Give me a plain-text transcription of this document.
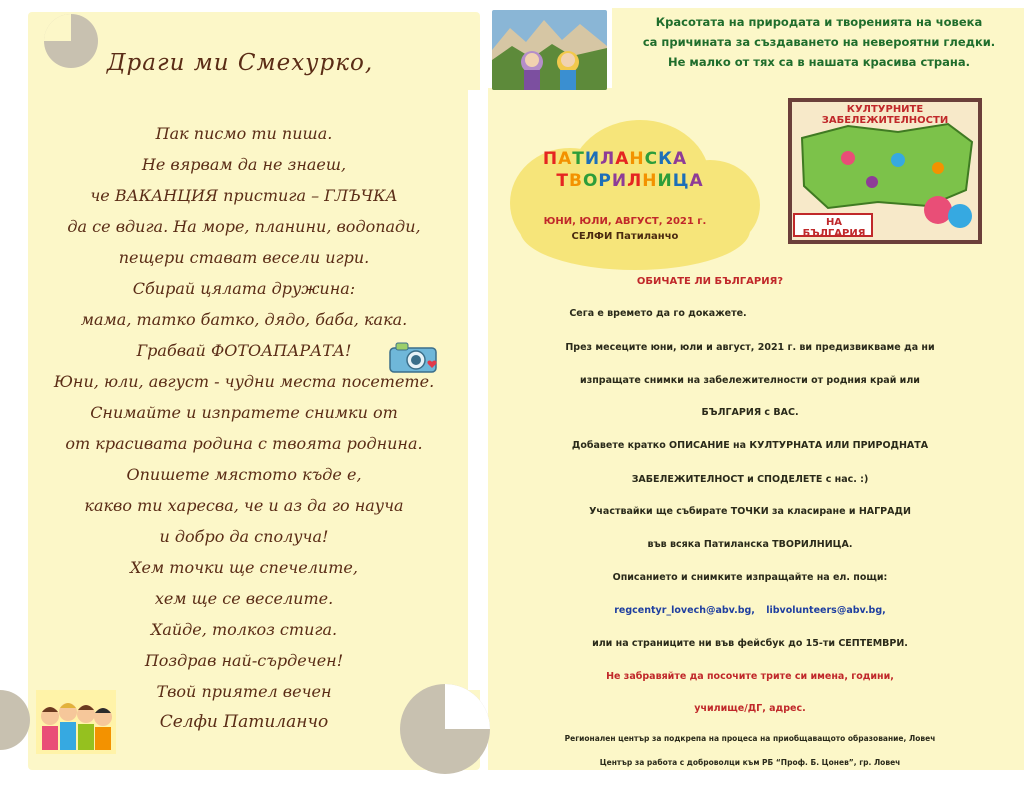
Драги ми Смехурко,
Пак писмо ти пиша.
Не вярвам да не знаеш,
че ВАКАНЦИЯ пристига – ГЛЪЧКА
да се вдига. На море, планини, водопади,
пещери стават весели игри.
Сбирай цялата дружина:
мама, татко батко, дядо, баба, кака.
Грабвай ФОТОАПАРАТА!
Юни, юли, август - чудни места посетете.
Снимайте и изпратете снимки от
от красивата родина с твоята роднина.
Опишете мястото къде е,
какво ти харесва, че и аз да го науча
и добро да сполуча!
Хем точки ще спечелите,
хем ще се веселите.
Хайде, толкоз стига.
Поздрав най-сърдечен!
Твой приятел вечен
Селфи Патиланчо
Красотата на природата и творенията на човека
са причината за създаването на невероятни гледки.
Не малко от тях са в нашата красива страна.
КУЛТУРНИТЕ ЗАБЕЛЕЖИТЕЛНОСТИ
НА БЪЛГАРИЯ
ПАТИЛАНСКА
ТВОРИЛНИЦА
ЮНИ, ЮЛИ, АВГУСТ, 2021 г.
СЕЛФИ Патиланчо
ОБИЧАТЕ ЛИ БЪЛГАРИЯ?
Сега е времето да го докажете.
През месеците юни, юли и август, 2021 г. ви предизвикваме да ни
изпращате снимки на забележителности от родния край или
БЪЛГАРИЯ с ВАС.
Добавете кратко ОПИСАНИЕ на КУЛТУРНАТА ИЛИ ПРИРОДНАТА
ЗАБЕЛЕЖИТЕЛНОСТ и СПОДЕЛЕТЕ с нас. :)
Участвайки ще събирате ТОЧКИ за класиране и НАГРАДИ
във всяка Патиланска ТВОРИЛНИЦА.
Описанието и снимките изпращайте на ел. пощи:
regcentyr_lovech@abv.bg, libvolunteers@abv.bg,
или на страниците ни във фейсбук до 15-ти СЕПТЕМВРИ.
Не забравяйте да посочите трите си имена, години,
училище/ДГ, адрес.
Регионален център за подкрепа на процеса на приобщаващото образование, Ловеч
Център за работа с доброволци към РБ “Проф. Б. Цонев”, гр. Ловеч
